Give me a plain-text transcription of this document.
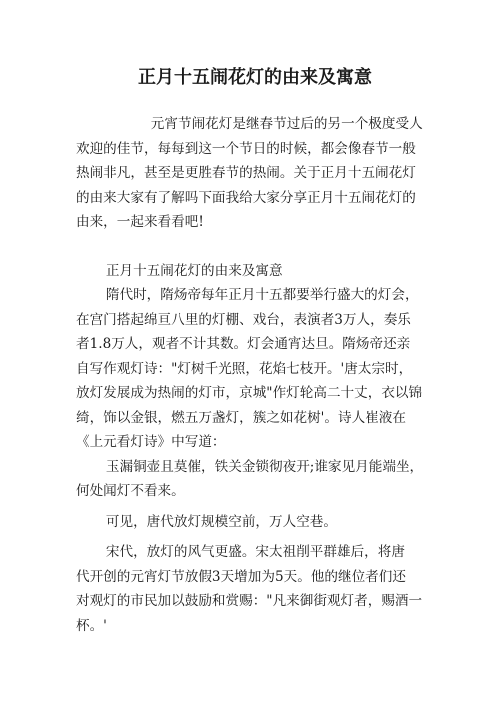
正月十五闹花灯的由来及寓意

元宵节闹花灯是继春节过后的另一个极度受人
欢迎的佳节，每每到这一个节日的时候，都会像春节一般
热闹非凡，甚至是更胜春节的热闹。关于正月十五闹花灯
的由来大家有了解吗下面我给大家分享正月十五闹花灯的
由来，一起来看看吧!

正月十五闹花灯的由来及寓意

隋代时，隋炀帝每年正月十五都要举行盛大的灯会，
在宫门搭起绵亘八里的灯棚、戏台，表演者3万人，奏乐
者1.8万人，观者不计其数。灯会通宵达旦。隋炀帝还亲
自写作观灯诗："灯树千光照，花焰七枝开。'唐太宗时，
放灯发展成为热闹的灯市，京城"作灯轮高二十丈，衣以锦
绮，饰以金银，燃五万盏灯，簇之如花树'。诗人崔液在
《上元看灯诗》中写道：

玉漏铜壶且莫催，铁关金锁彻夜开;谁家见月能端坐，
何处闻灯不看来。

可见，唐代放灯规模空前，万人空巷。

宋代，放灯的风气更盛。宋太祖削平群雄后，将唐
代开创的元宵灯节放假3天增加为5天。他的继位者们还
对观灯的市民加以鼓励和赏赐："凡来御街观灯者，赐酒一
杯。'
